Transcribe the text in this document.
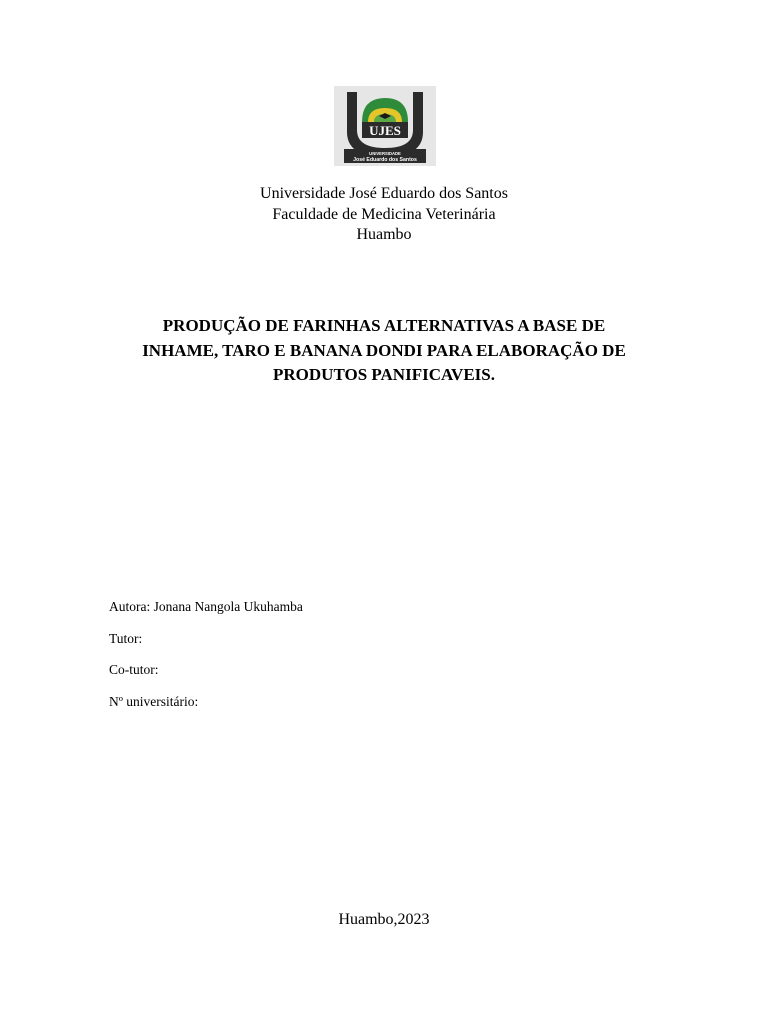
UJES
UNIVERSIDADE
José Eduardo dos Santos
Universidade José Eduardo dos Santos
Faculdade de Medicina Veterinária
Huambo
PRODUÇÃO DE FARINHAS ALTERNATIVAS A BASE DE
INHAME, TARO E BANANA DONDI PARA ELABORAÇÃO DE
PRODUTOS PANIFICAVEIS.
Autora: Jonana Nangola Ukuhamba
Tutor:
Co-tutor:
Nº universitário:
Huambo,2023
